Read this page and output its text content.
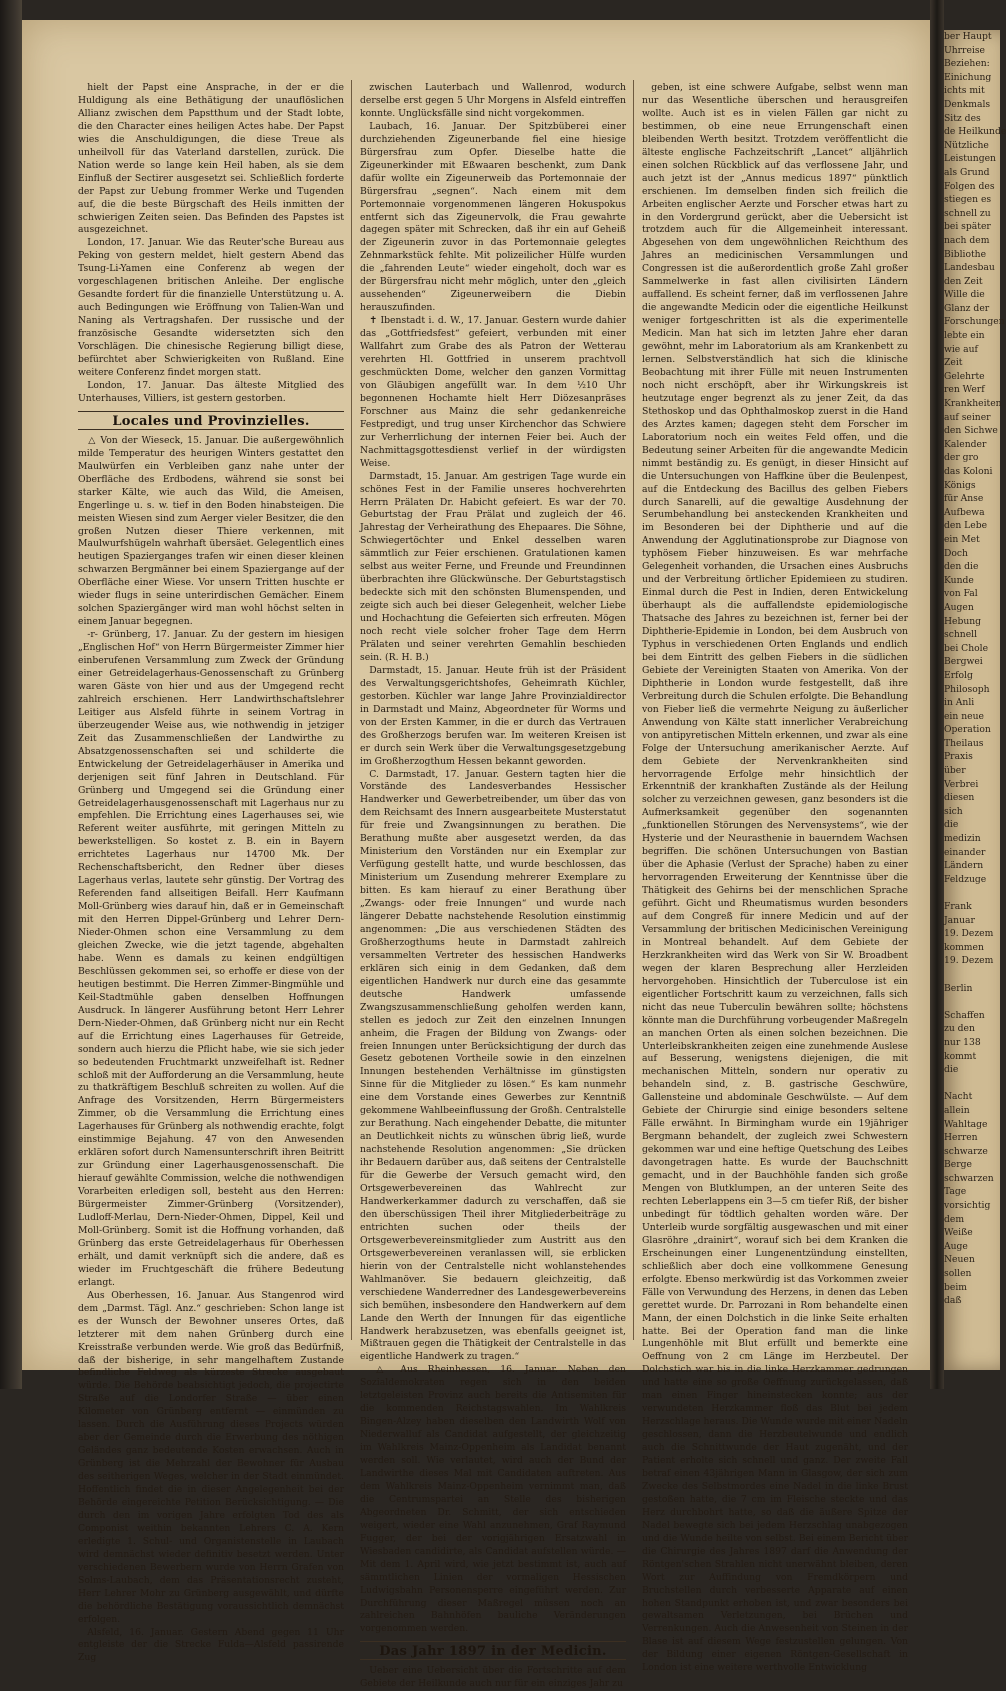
 hielt der Papst eine Ansprache, in der er die Huldigung als eine Bethätigung der unauflöslichen Allianz zwischen dem Papstthum und der Stadt lobte, die den Character eines heiligen Actes habe. Der Papst wies die Anschuldigungen, die diese Treue als unheilvoll für das Vaterland darstellen, zurück. Die Nation werde so lange kein Heil haben, als sie dem Einfluß der Sectirer ausgesetzt sei. Schließlich forderte der Papst zur Uebung frommer Werke und Tugenden auf, die die beste Bürgschaft des Heils inmitten der schwierigen Zeiten seien. Das Befinden des Papstes ist ausgezeichnet.

 London, 17. Januar. Wie das Reuter'sche Bureau aus Peking von gestern meldet, hielt gestern Abend das Tsung-Li-Yamen eine Conferenz ab wegen der vorgeschlagenen britischen Anleihe. Der englische Gesandte fordert für die finanzielle Unterstützung u. A. auch Bedingungen wie Eröffnung von Talien-Wan und Naning als Vertragshafen. Der russische und der französische Gesandte widersetzten sich den Vorschlägen. Die chinesische Regierung billigt diese, befürchtet aber Schwierigkeiten von Rußland. Eine weitere Conferenz findet morgen statt.

 London, 17. Januar. Das älteste Mitglied des Unterhauses, Villiers, ist gestern gestorben.

Locales und Provinzielles.

 △ Von der Wieseck, 15. Januar. Die außergewöhnlich milde Temperatur des heurigen Winters gestattet den Maulwürfen ein Verbleiben ganz nahe unter der Oberfläche des Erdbodens, während sie sonst bei starker Kälte, wie auch das Wild, die Ameisen, Engerlinge u. s. w. tief in den Boden hinabsteigen. Die meisten Wiesen sind zum Aerger vieler Besitzer, die den großen Nutzen dieser Thiere verkennen, mit Maulwurfshügeln wahrhaft übersäet. Gelegentlich eines heutigen Spazierganges trafen wir einen dieser kleinen schwarzen Bergmänner bei einem Spaziergange auf der Oberfläche einer Wiese. Vor unsern Tritten huschte er wieder flugs in seine unterirdischen Gemächer. Einem solchen Spaziergänger wird man wohl höchst selten in einem Januar begegnen.

 -r- Grünberg, 17. Januar. Zu der gestern im hiesigen „Englischen Hof“ von Herrn Bürgermeister Zimmer hier einberufenen Versammlung zum Zweck der Gründung einer Getreidelagerhaus-Genossenschaft zu Grünberg waren Gäste von hier und aus der Umgegend recht zahlreich erschienen. Herr Landwirthschaftslehrer Leitiger aus Alsfeld führte in seinem Vortrag in überzeugender Weise aus, wie nothwendig in jetziger Zeit das Zusammenschließen der Landwirthe zu Absatzgenossenschaften sei und schilderte die Entwickelung der Getreidelagerhäuser in Amerika und derjenigen seit fünf Jahren in Deutschland. Für Grünberg und Umgegend sei die Gründung einer Getreidelagerhausgenossenschaft mit Lagerhaus nur zu empfehlen. Die Errichtung eines Lagerhauses sei, wie Referent weiter ausführte, mit geringen Mitteln zu bewerkstelligen. So kostet z. B. ein in Bayern errichtetes Lagerhaus nur 14700 Mk. Der Rechenschaftsbericht, den Redner über dieses Lagerhaus verlas, lautete sehr günstig. Der Vortrag des Referenden fand allseitigen Beifall. Herr Kaufmann Moll-Grünberg wies darauf hin, daß er in Gemeinschaft mit den Herren Dippel-Grünberg und Lehrer Dern-Nieder-Ohmen schon eine Versammlung zu dem gleichen Zwecke, wie die jetzt tagende, abgehalten habe. Wenn es damals zu keinen endgültigen Beschlüssen gekommen sei, so erhoffe er diese von der heutigen bestimmt. Die Herren Zimmer-Bingmühle und Keil-Stadtmühle gaben denselben Hoffnungen Ausdruck. In längerer Ausführung betont Herr Lehrer Dern-Nieder-Ohmen, daß Grünberg nicht nur ein Recht auf die Errichtung eines Lagerhauses für Getreide, sondern auch hierzu die Pflicht habe, wie sie sich jeder so bedeutenden Fruchtmarkt unzweifelhaft ist. Redner schloß mit der Aufforderung an die Versammlung, heute zu thatkräftigem Beschluß schreiten zu wollen. Auf die Anfrage des Vorsitzenden, Herrn Bürgermeisters Zimmer, ob die Versammlung die Errichtung eines Lagerhauses für Grünberg als nothwendig erachte, folgt einstimmige Bejahung. 47 von den Anwesenden erklären sofort durch Namensunterschrift ihren Beitritt zur Gründung einer Lagerhausgenossenschaft. Die hierauf gewählte Commission, welche die nothwendigen Vorarbeiten erledigen soll, besteht aus den Herren: Bürgermeister Zimmer-Grünberg (Vorsitzender), Ludloff-Merlau, Dern-Nieder-Ohmen, Dippel, Keil und Moll-Grünberg. Somit ist die Hoffnung vorhanden, daß Grünberg das erste Getreidelagerhaus für Oberhessen erhält, und damit verknüpft sich die andere, daß es wieder im Fruchtgeschäft die frühere Bedeutung erlangt.

 Aus Oberhessen, 16. Januar. Aus Stangenrod wird dem „Darmst. Tägl. Anz.“ geschrieben: Schon lange ist es der Wunsch der Bewohner unseres Ortes, daß letzterer mit dem nahen Grünberg durch eine Kreisstraße verbunden werde. Wie groß das Bedürfniß, daß der bisherige, in sehr mangelhaftem Zustande befindliche Feldweg als kürzeste Strecke ausgebaut würde. Die Behörde beabsichtigt jedoch, die projectirte Straße auf die Londorfer Straße — über einen Kilometer von Grünberg entfernt — einmünden zu lassen. Durch die Ausführung dieses Projects würden aber der Gemeinde durch die Erwerbung des nöthigen Geländes ganz bedeutende Kosten erwachsen. Auch in Grünberg ist die Mehrzahl der Bewohner für Ausbau des seitherigen Weges, welcher in der Stadt einmündet. Hoffentlich findet die in dieser Angelegenheit bei der Behörde eingereichte Petition Berücksichtigung. — Die durch den im vorigen Jahre erfolgten Tod des als Componist weithin bekannten Lehrers C. A. Kern erledigte 1. Schul- und Organistenstelle in Laubach wird demnächst wieder definitiv besetzt werden. Unter verschiedenen Bewerbern wurde von Herrn Grafen von Solms-Laubach, dem das Präsentationsrecht zusteht, Herr Lehrer Mohr zu Grünberg ausgewählt, und dürfte die behördliche Bestätigung voraussichtlich demnächst erfolgen.

 Alsfeld, 16. Januar. Gestern Abend gegen 11 Uhr entgleiste der die Strecke Fulda—Alsfeld passirende Zug

 zwischen Lauterbach und Wallenrod, wodurch derselbe erst gegen 5 Uhr Morgens in Alsfeld eintreffen konnte. Unglücksfälle sind nicht vorgekommen.

 Laubach, 16. Januar. Der Spitzbüberei einer durchziehenden Zigeunerbande fiel eine hiesige Bürgersfrau zum Opfer. Dieselbe hatte die Zigeunerkinder mit Eßwaaren beschenkt, zum Dank dafür wollte ein Zigeunerweib das Portemonnaie der Bürgersfrau „segnen“. Nach einem mit dem Portemonnaie vorgenommenen längeren Hokuspokus entfernt sich das Zigeunervolk, die Frau gewahrte dagegen später mit Schrecken, daß ihr ein auf Geheiß der Zigeunerin zuvor in das Portemonnaie gelegtes Zehnmarkstück fehlte. Mit polizeilicher Hülfe wurden die „fahrenden Leute“ wieder eingeholt, doch war es der Bürgersfrau nicht mehr möglich, unter den „gleich aussehenden“ Zigeunerweibern die Diebin herauszufinden.

 ✝ Ibenstadt i. d. W., 17. Januar. Gestern wurde dahier das „Gottfriedsfest“ gefeiert, verbunden mit einer Wallfahrt zum Grabe des als Patron der Wetterau verehrten Hl. Gottfried in unserem prachtvoll geschmückten Dome, welcher den ganzen Vormittag von Gläubigen angefüllt war. In dem ½10 Uhr begonnenen Hochamte hielt Herr Diözesanpräses Forschner aus Mainz die sehr gedankenreiche Festpredigt, und trug unser Kirchenchor das Schwiere zur Verherrlichung der internen Feier bei. Auch der Nachmittagsgottesdienst verlief in der würdigsten Weise.

 Darmstadt, 15. Januar. Am gestrigen Tage wurde ein schönes Fest in der Familie unseres hochverehrten Herrn Prälaten Dr. Habicht gefeiert. Es war der 70. Geburtstag der Frau Prälat und zugleich der 46. Jahrestag der Verheirathung des Ehepaares. Die Söhne, Schwiegertöchter und Enkel desselben waren sämmtlich zur Feier erschienen. Gratulationen kamen selbst aus weiter Ferne, und Freunde und Freundinnen überbrachten ihre Glückwünsche. Der Geburtstagstisch bedeckte sich mit den schönsten Blumenspenden, und zeigte sich auch bei dieser Gelegenheit, welcher Liebe und Hochachtung die Gefeierten sich erfreuten. Mögen noch recht viele solcher froher Tage dem Herrn Prälaten und seiner verehrten Gemahlin beschieden sein. (R. H. B.)

 Darmstadt, 15. Januar. Heute früh ist der Präsident des Verwaltungsgerichtshofes, Geheimrath Küchler, gestorben. Küchler war lange Jahre Provinzialdirector in Darmstadt und Mainz, Abgeordneter für Worms und von der Ersten Kammer, in die er durch das Vertrauen des Großherzogs berufen war. Im weiteren Kreisen ist er durch sein Werk über die Verwaltungsgesetzgebung im Großherzogthum Hessen bekannt geworden.

 C. Darmstadt, 17. Januar. Gestern tagten hier die Vorstände des Landesverbandes Hessischer Handwerker und Gewerbetreibender, um über das von dem Reichsamt des Innern ausgearbeitete Musterstatut für freie und Zwangsinnungen zu berathen. Die Berathung mußte aber ausgesetzt werden, da das Ministerium den Vorständen nur ein Exemplar zur Verfügung gestellt hatte, und wurde beschlossen, das Ministerium um Zusendung mehrerer Exemplare zu bitten. Es kam hierauf zu einer Berathung über „Zwangs- oder freie Innungen“ und wurde nach längerer Debatte nachstehende Resolution einstimmig angenommen: „Die aus verschiedenen Städten des Großherzogthums heute in Darmstadt zahlreich versammelten Vertreter des hessischen Handwerks erklären sich einig in dem Gedanken, daß dem eigentlichen Handwerk nur durch eine das gesammte deutsche Handwerk umfassende Zwangszusammenschließung geholfen werden kann, stellen es jedoch zur Zeit den einzelnen Innungen anheim, die Fragen der Bildung von Zwangs- oder freien Innungen unter Berücksichtigung der durch das Gesetz gebotenen Vortheile sowie in den einzelnen Innungen bestehenden Verhältnisse im günstigsten Sinne für die Mitglieder zu lösen.“ Es kam nunmehr eine dem Vorstande eines Gewerbes zur Kenntniß gekommene Wahlbeeinflussung der Großh. Centralstelle zur Berathung. Nach eingehender Debatte, die mitunter an Deutlichkeit nichts zu wünschen übrig ließ, wurde nachstehende Resolution angenommen: „Sie drücken ihr Bedauern darüber aus, daß seitens der Centralstelle für die Gewerbe der Versuch gemacht wird, den Ortsgewerbevereinen das Wahlrecht zur Handwerkerkammer dadurch zu verschaffen, daß sie den überschüssigen Theil ihrer Mitgliederbeiträge zu entrichten suchen oder theils der Ortsgewerbevereinsmitglieder zum Austritt aus den Ortsgewerbevereinen veranlassen will, sie erblicken hierin von der Centralstelle nicht wohlanstehendes Wahlmanöver. Sie bedauern gleichzeitig, daß verschiedene Wanderredner des Landesgewerbevereins sich bemühen, insbesondere den Handwerkern auf dem Lande den Werth der Innungen für das eigentliche Handwerk herabzusetzen, was ebenfalls geeignet ist, Mißtrauen gegen die Thätigkeit der Centralstelle in das eigentliche Handwerk zu tragen.“

 △ Aus Rheinhessen, 16. Januar. Neben den Sozialdemokraten regen sich in den beiden letztgeleisten Provinz auch bereits die Antisemiten für die kommenden Reichstagswahlen. Im Wahlkreis Bingen-Alzey haben dieselben den Landwirth Wolf von Niederwalluf als Candidat aufgestellt, der gleichzeitig im Wahlkreis Mainz-Oppenheim als Landidat benannt werden soll. Wie verlautet, wird auch der Bund der Landwirthe dieses Mal mit Candidaten auftreten. Aus dem Wahlkreis Mainz-Oppenheim vernimmt man, daß die Centrumspartei an Stelle des bisherigen Abgeordneten Dr. Schmitt, der sich entschieden weigert, wieder eine Wahl anzunehmen, Graf Raymund Fugger, der bei der vorigjährigen Ersatzwahl in Wiesbaden candidirte, als Candidat aufstellen würde. — Mit dem 1. April wird, wie jetzt bestimmt ist, auch auf sämmtlichen Linien der vormaligen Hessischen Ludwigsbahn Personensperre eingeführt werden. Zur Durchführung dieser Maßregel müssen noch an zahlreichen Bahnhöfen bauliche Veränderungen vorgenommen werden.

Das Jahr 1897 in der Medicin.

 Ueber eine Uebersicht über die Fortschritte auf dem Gebiete der Heilkunde auch nur für ein einziges Jahr zu

 geben, ist eine schwere Aufgabe, selbst wenn man nur das Wesentliche überschen und herausgreifen wollte. Auch ist es in vielen Fällen gar nicht zu bestimmen, ob eine neue Errungenschaft einen bleibenden Werth besitzt. Trotzdem veröffentlicht die älteste englische Fachzeitschrift „Lancet“ alljährlich einen solchen Rückblick auf das verflossene Jahr, und auch jetzt ist der „Annus medicus 1897“ pünktlich erschienen. Im demselben finden sich freilich die Arbeiten englischer Aerzte und Forscher etwas hart zu in den Vordergrund gerückt, aber die Uebersicht ist trotzdem auch für die Allgemeinheit interessant. Abgesehen von dem ungewöhnlichen Reichthum des Jahres an medicinischen Versammlungen und Congressen ist die außerordentlich große Zahl großer Sammelwerke in fast allen civilisirten Ländern auffallend. Es scheint ferner, daß im verflossenen Jahre die angewandte Medicin oder die eigentliche Heilkunst weniger fortgeschritten ist als die experimentelle Medicin. Man hat sich im letzten Jahre eher daran gewöhnt, mehr im Laboratorium als am Krankenbett zu lernen. Selbstverständlich hat sich die klinische Beobachtung mit ihrer Fülle mit neuen Instrumenten noch nicht erschöpft, aber ihr Wirkungskreis ist heutzutage enger begrenzt als zu jener Zeit, da das Stethoskop und das Ophthalmoskop zuerst in die Hand des Arztes kamen; dagegen steht dem Forscher im Laboratorium noch ein weites Feld offen, und die Bedeutung seiner Arbeiten für die angewandte Medicin nimmt beständig zu. Es genügt, in dieser Hinsicht auf die Untersuchungen von Haffkine über die Beulenpest, auf die Entdeckung des Bacillus des gelben Fiebers durch Sanarelli, auf die gewaltige Ausdehnung der Serumbehandlung bei ansteckenden Krankheiten und im Besonderen bei der Diphtherie und auf die Anwendung der Agglutinationsprobe zur Diagnose von typhösem Fieber hinzuweisen. Es war mehrfache Gelegenheit vorhanden, die Ursachen eines Ausbruchs und der Verbreitung örtlicher Epidemieen zu studiren. Einmal durch die Pest in Indien, deren Entwickelung überhaupt als die auffallendste epidemiologische Thatsache des Jahres zu bezeichnen ist, ferner bei der Diphtherie-Epidemie in London, bei dem Ausbruch von Typhus in verschiedenen Orten Englands und endlich bei dem Eintritt des gelben Fiebers in die südlichen Gebiete der Vereinigten Staaten von Amerika. Von der Diphtherie in London wurde festgestellt, daß ihre Verbreitung durch die Schulen erfolgte. Die Behandlung von Fieber ließ die vermehrte Neigung zu äußerlicher Anwendung von Kälte statt innerlicher Verabreichung von antipyretischen Mitteln erkennen, und zwar als eine Folge der Untersuchung amerikanischer Aerzte. Auf dem Gebiete der Nervenkrankheiten sind hervorragende Erfolge mehr hinsichtlich der Erkenntniß der krankhaften Zustände als der Heilung solcher zu verzeichnen gewesen, ganz besonders ist die Aufmerksamkeit gegenüber den sogenannten „funktionellen Störungen des Nervensystems“, wie der Hysterie und der Neurasthenie in bauerndem Wachsen begriffen. Die schönen Untersuchungen von Bastian über die Aphasie (Verlust der Sprache) haben zu einer hervorragenden Erweiterung der Kenntnisse über die Thätigkeit des Gehirns bei der menschlichen Sprache geführt. Gicht und Rheumatismus wurden besonders auf dem Congreß für innere Medicin und auf der Versammlung der britischen Medicinischen Vereinigung in Montreal behandelt. Auf dem Gebiete der Herzkrankheiten wird das Werk von Sir W. Broadbent wegen der klaren Besprechung aller Herzleiden hervorgehoben. Hinsichtlich der Tuberculose ist ein eigentlicher Fortschritt kaum zu verzeichnen, falls sich nicht das neue Tuberculin bewähren sollte; höchstens könnte man die Durchführung vorbeugender Maßregeln an manchen Orten als einen solchen bezeichnen. Die Unterleibskrankheiten zeigen eine zunehmende Auslese auf Besserung, wenigstens diejenigen, die mit mechanischen Mitteln, sondern nur operativ zu behandeln sind, z. B. gastrische Geschwüre, Gallensteine und abdominale Geschwülste. — Auf dem Gebiete der Chirurgie sind einige besonders seltene Fälle erwähnt. In Birmingham wurde ein 19jähriger Bergmann behandelt, der zugleich zwei Schwestern gekommen war und eine heftige Quetschung des Leibes davongetragen hatte. Es wurde der Bauchschnitt gemacht, und in der Bauchhöhle fanden sich große Mengen von Blutklumpen, an der unteren Seite des rechten Leberlappens ein 3—5 cm tiefer Riß, der bisher unbedingt für tödtlich gehalten worden wäre. Der Unterleib wurde sorgfältig ausgewaschen und mit einer Glasröhre „drainirt“, worauf sich bei dem Kranken die Erscheinungen einer Lungenentzündung einstellten, schließlich aber doch eine vollkommene Genesung erfolgte. Ebenso merkwürdig ist das Vorkommen zweier Fälle von Verwundung des Herzens, in denen das Leben gerettet wurde. Dr. Parrozani in Rom behandelte einen Mann, der einen Dolchstich in die linke Seite erhalten hatte. Bei der Operation fand man die linke Lungenhöhle mit Blut erfüllt und bemerkte eine Oeffnung von 2 cm Länge im Herzbeutel. Der Dolchstich war bis in die linke Herzkammer gedrungen und hatte eine so große Oeffnung zurückgelassen, daß man einen Finger hineinstecken konnte; aus der verwundeten Herzkammer floß das Blut bei jedem Herzschlage heraus. Die Wunde wurde mit einer Nadeln geschlossen, dann die Herzbeutelwunde und endlich auch die Schnittwunde der Haut zugenäht, und der Patient erholte sich schnell und ganz. Der zweite Fall betraf einen 43jährigen Mann in Glasgow, der sich zum Zwecke des Selbstmordes eine Nadel in die linke Brust gestoßen hatte, die 7 cm im Fleische steckte und das Herz durchbohrt hatte, so daß die äußere Spitze der Nadel bewegte sich bei jedem Herzschlag unabgezogen und die Wunde heilte von selbst. Bei einem Bericht über die Chirurgie des Jahres 1897 darf die Anwendung der Röntgen'schen Strahlen nicht unerwähnt bleiben, deren Wort zur Auffindung von Fremdkörpern und Bruchstellen durch verbesserte Apparate auf einen hohen Standpunkt erhoben ist, und zwar besonders bei gewaltsamen Verletzungen, bei Brüchen und Verrenkungen. Auch die Anwesenheit von Steinen in der Blase ist auf diesem Wege festzustellen gelungen. Von der Bildung einer eigenen Röntgen-Gesellschaft in London ist eine weitere werthvolle Entwicklung

ber Haupt

Uhrreise

Beziehen:

Einichung

ichts mit

Denkmals

Sitz des

de Heilkunde

Nützliche

Leistungen

als Grund

Folgen des

stiegen es

schnell zu

bei später

nach dem

Bibliothe

Landesbau

den Zeit

Wille die

Glanz der

Forschungen

lebte ein

wie auf

Zeit

Gelehrte

ren Werf

Krankheiten

auf seiner

den Sichwe

Kalender

der gro

das Koloni

Königs

für Anse

Aufbewa

den Lebe

ein Met

Doch

den die

Kunde

von Fal

Augen

Hebung

schnell

bei Chole

Bergwei

Erfolg

Philosoph

in Anli

ein neue

Operation

Theilaus

Praxis

über

Verbrei

diesen

sich

die

medizin

einander

Ländern

Feldzuge

Frank

Januar

19. Dezem

kommen

19. Dezem

Berlin

Schaffen

zu den

nur 138

kommt

die

Nacht

allein

Wahltage

Herren

schwarze

Berge

schwarzen

Tage

vorsichtig

dem

Weiße

Auge

Neuen

sollen

beim

daß
